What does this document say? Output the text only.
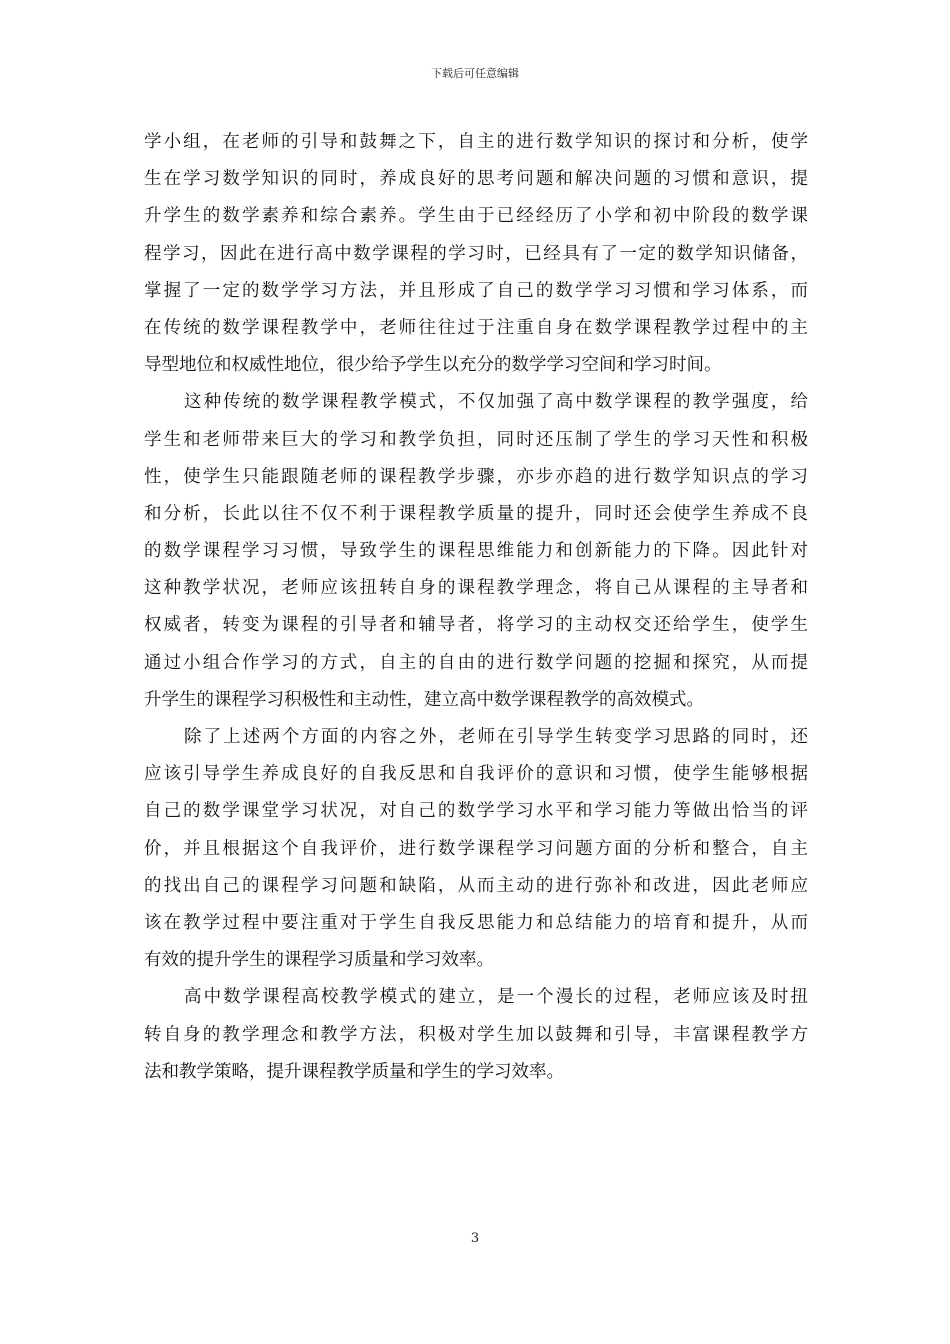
下载后可任意编辑
学小组，在老师的引导和鼓舞之下，自主的进行数学知识的探讨和分析，使学
生在学习数学知识的同时，养成良好的思考问题和解决问题的习惯和意识，提
升学生的数学素养和综合素养。学生由于已经经历了小学和初中阶段的数学课
程学习，因此在进行高中数学课程的学习时，已经具有了一定的数学知识储备，
掌握了一定的数学学习方法，并且形成了自己的数学学习习惯和学习体系，而
在传统的数学课程教学中，老师往往过于注重自身在数学课程教学过程中的主
导型地位和权威性地位，很少给予学生以充分的数学学习空间和学习时间。
这种传统的数学课程教学模式，不仅加强了高中数学课程的教学强度，给
学生和老师带来巨大的学习和教学负担，同时还压制了学生的学习天性和积极
性，使学生只能跟随老师的课程教学步骤，亦步亦趋的进行数学知识点的学习
和分析，长此以往不仅不利于课程教学质量的提升，同时还会使学生养成不良
的数学课程学习习惯，导致学生的课程思维能力和创新能力的下降。因此针对
这种教学状况，老师应该扭转自身的课程教学理念，将自己从课程的主导者和
权威者，转变为课程的引导者和辅导者，将学习的主动权交还给学生，使学生
通过小组合作学习的方式，自主的自由的进行数学问题的挖掘和探究，从而提
升学生的课程学习积极性和主动性，建立高中数学课程教学的高效模式。
除了上述两个方面的内容之外，老师在引导学生转变学习思路的同时，还
应该引导学生养成良好的自我反思和自我评价的意识和习惯，使学生能够根据
自己的数学课堂学习状况，对自己的数学学习水平和学习能力等做出恰当的评
价，并且根据这个自我评价，进行数学课程学习问题方面的分析和整合，自主
的找出自己的课程学习问题和缺陷，从而主动的进行弥补和改进，因此老师应
该在教学过程中要注重对于学生自我反思能力和总结能力的培育和提升，从而
有效的提升学生的课程学习质量和学习效率。
高中数学课程高校教学模式的建立，是一个漫长的过程，老师应该及时扭
转自身的教学理念和教学方法，积极对学生加以鼓舞和引导，丰富课程教学方
法和教学策略，提升课程教学质量和学生的学习效率。
3
